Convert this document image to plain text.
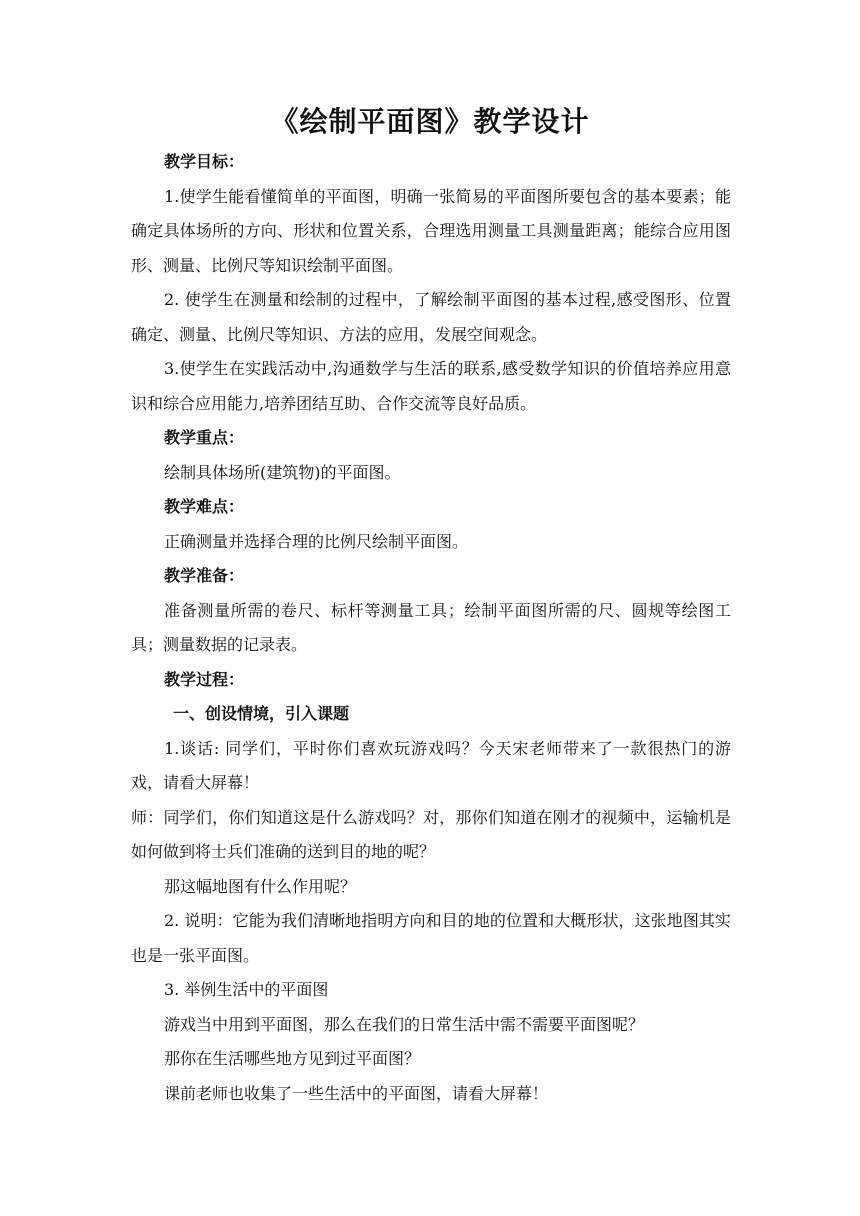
《绘制平面图》教学设计

教学目标：

1.使学生能看懂简单的平面图，明确一张简易的平面图所要包含的基本要素；能确定具体场所的方向、形状和位置关系，合理选用测量工具测量距离；能综合应用图形、测量、比例尺等知识绘制平面图。

2. 使学生在测量和绘制的过程中，了解绘制平面图的基本过程,感受图形、位置确定、测量、比例尺等知识、方法的应用，发展空间观念。

3.使学生在实践活动中,沟通数学与生活的联系,感受数学知识的价值培养应用意识和综合应用能力,培养团结互助、合作交流等良好品质。

教学重点：

绘制具体场所(建筑物)的平面图。

教学难点：

正确测量并选择合理的比例尺绘制平面图。

教学准备：

准备测量所需的卷尺、标杆等测量工具；绘制平面图所需的尺、圆规等绘图工具；测量数据的记录表。

教学过程：

一、创设情境，引入课题

1.谈话: 同学们，平时你们喜欢玩游戏吗？今天宋老师带来了一款很热门的游戏，请看大屏幕！

师：同学们，你们知道这是什么游戏吗？对，那你们知道在刚才的视频中，运输机是如何做到将士兵们准确的送到目的地的呢？

那这幅地图有什么作用呢？

2. 说明：它能为我们清晰地指明方向和目的地的位置和大概形状，这张地图其实也是一张平面图。

3. 举例生活中的平面图

游戏当中用到平面图，那么在我们的日常生活中需不需要平面图呢？

那你在生活哪些地方见到过平面图？

课前老师也收集了一些生活中的平面图，请看大屏幕！
